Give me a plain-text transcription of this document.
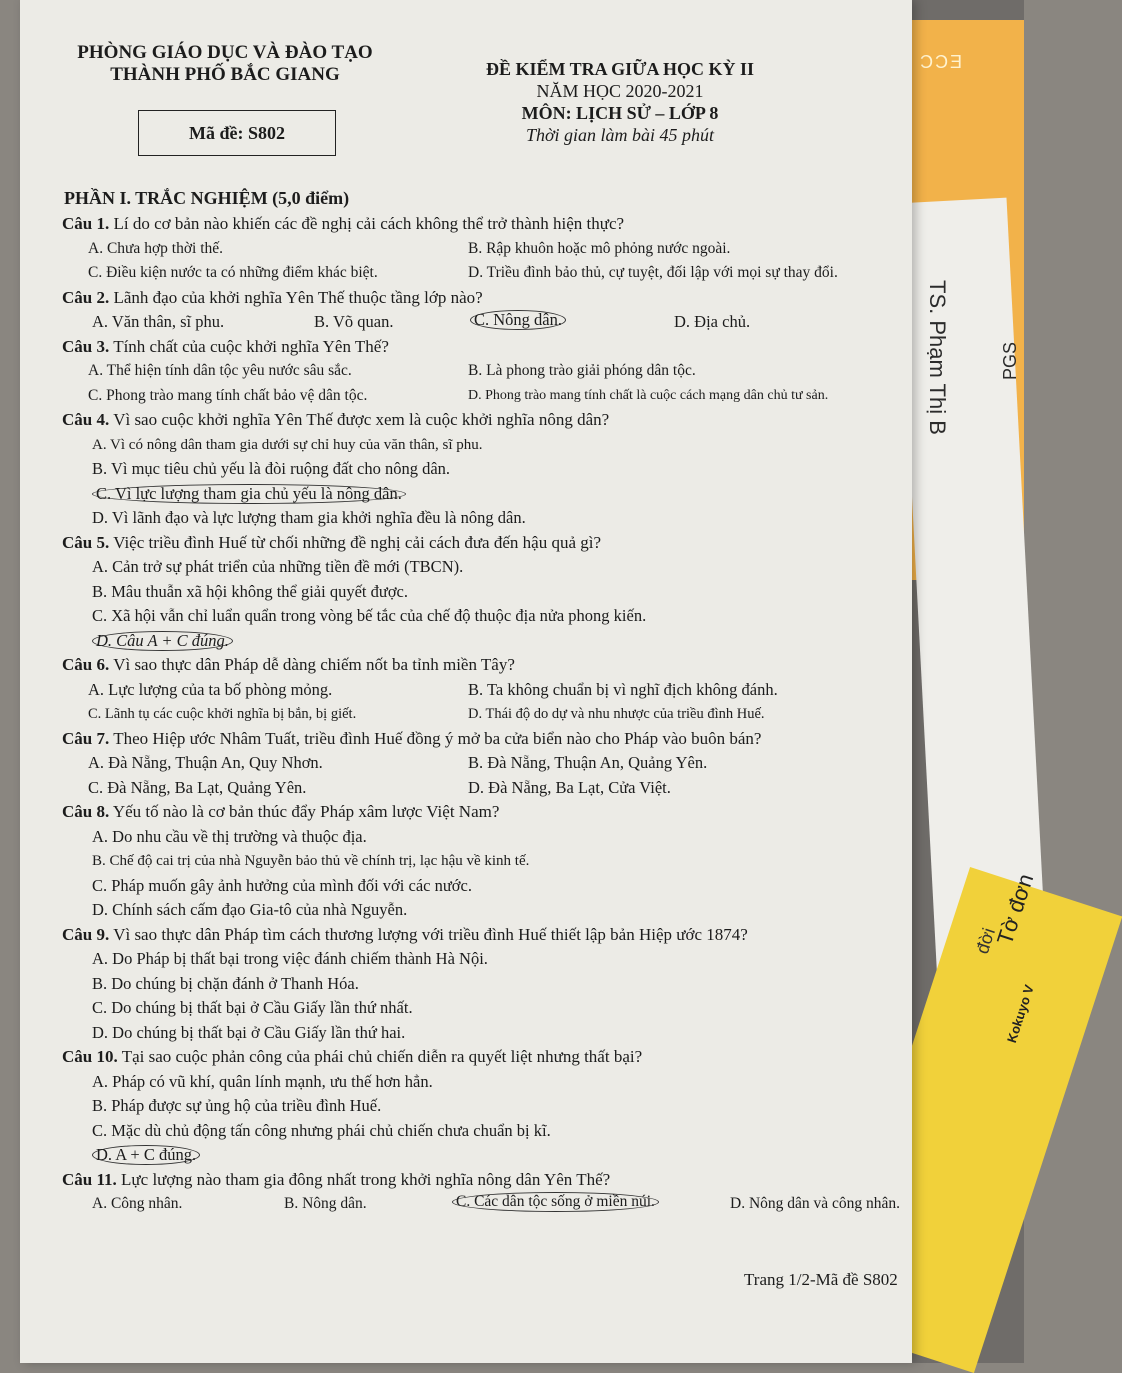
ƆƆƎ
TS. Phạm Thị B	PGS
đời
Tờ đơn
Kokuyo V
PHÒNG GIÁO DỤC VÀ ĐÀO TẠO
THÀNH PHỐ BẮC GIANG
Mã đề: S802
ĐỀ KIỂM TRA GIỮA HỌC KỲ II
NĂM HỌC 2020-2021
MÔN: LỊCH SỬ – LỚP 8
Thời gian làm bài 45 phút
PHẦN I. TRẮC NGHIỆM (5,0 điểm)
Câu 1. Lí do cơ bản nào khiến các đề nghị cải cách không thể trở thành hiện thực?
A. Chưa hợp thời thế.	B. Rập khuôn hoặc mô phỏng nước ngoài.
C. Điều kiện nước ta có những điểm khác biệt.	D. Triều đình bảo thủ, cự tuyệt, đối lập với mọi sự thay đổi.
Câu 2. Lãnh đạo của khởi nghĩa Yên Thế thuộc tầng lớp nào?
A. Văn thân, sĩ phu.	B. Võ quan.	C. Nông dân.	D. Địa chủ.
Câu 3. Tính chất của cuộc khởi nghĩa Yên Thế?
A. Thể hiện tính dân tộc yêu nước sâu sắc.	B. Là phong trào giải phóng dân tộc.
C. Phong trào mang tính chất bảo vệ dân tộc.	D. Phong trào mang tính chất là cuộc cách mạng dân chủ tư sản.
Câu 4. Vì sao cuộc khởi nghĩa Yên Thế được xem là cuộc khởi nghĩa nông dân?
A. Vì có nông dân tham gia dưới sự chỉ huy của văn thân, sĩ phu.
B. Vì mục tiêu chủ yếu là đòi ruộng đất cho nông dân.
C. Vì lực lượng tham gia chủ yếu là nông dân.
D. Vì lãnh đạo và lực lượng tham gia khởi nghĩa đều là nông dân.
Câu 5. Việc triều đình Huế từ chối những đề nghị cải cách đưa đến hậu quả gì?
A. Cản trở sự phát triển của những tiền đề mới (TBCN).
B. Mâu thuẫn xã hội không thể giải quyết được.
C. Xã hội vẫn chỉ luẩn quẩn trong vòng bế tắc của chế độ thuộc địa nửa phong kiến.
D. Câu A + C đúng.
Câu 6. Vì sao thực dân Pháp dễ dàng chiếm nốt ba tỉnh miền Tây?
A. Lực lượng của ta bố phòng mỏng.	B. Ta không chuẩn bị vì nghĩ địch không đánh.
C. Lãnh tụ các cuộc khởi nghĩa bị bắn, bị giết.	D. Thái độ do dự và nhu nhược của triều đình Huế.
Câu 7. Theo Hiệp ước Nhâm Tuất, triều đình Huế đồng ý mở ba cửa biển nào cho Pháp vào buôn bán?
A. Đà Nẵng, Thuận An, Quy Nhơn.	B. Đà Nẵng, Thuận An, Quảng Yên.
C. Đà Nẵng, Ba Lạt, Quảng Yên.	D. Đà Nẵng, Ba Lạt, Cửa Việt.
Câu 8. Yếu tố nào là cơ bản thúc đẩy Pháp xâm lược Việt Nam?
A. Do nhu cầu về thị trường và thuộc địa.
B. Chế độ cai trị của nhà Nguyễn bảo thủ về chính trị, lạc hậu về kinh tế.
C. Pháp muốn gây ảnh hưởng của mình đối với các nước.
D. Chính sách cấm đạo Gia-tô của nhà Nguyễn.
Câu 9. Vì sao thực dân Pháp tìm cách thương lượng với triều đình Huế thiết lập bản Hiệp ước 1874?
A. Do Pháp bị thất bại trong việc đánh chiếm thành Hà Nội.
B. Do chúng bị chặn đánh ở Thanh Hóa.
C. Do chúng bị thất bại ở Cầu Giấy lần thứ nhất.
D. Do chúng bị thất bại ở Cầu Giấy lần thứ hai.
Câu 10. Tại sao cuộc phản công của phái chủ chiến diễn ra quyết liệt nhưng thất bại?
A. Pháp có vũ khí, quân lính mạnh, ưu thế hơn hẳn.
B. Pháp được sự ủng hộ của triều đình Huế.
C. Mặc dù chủ động tấn công nhưng phái chủ chiến chưa chuẩn bị kĩ.
D. A + C đúng.
Câu 11. Lực lượng nào tham gia đông nhất trong khởi nghĩa nông dân Yên Thế?
A. Công nhân.	B. Nông dân.	C. Các dân tộc sống ở miền núi.	D. Nông dân và công nhân.
Trang 1/2-Mã đề S802
